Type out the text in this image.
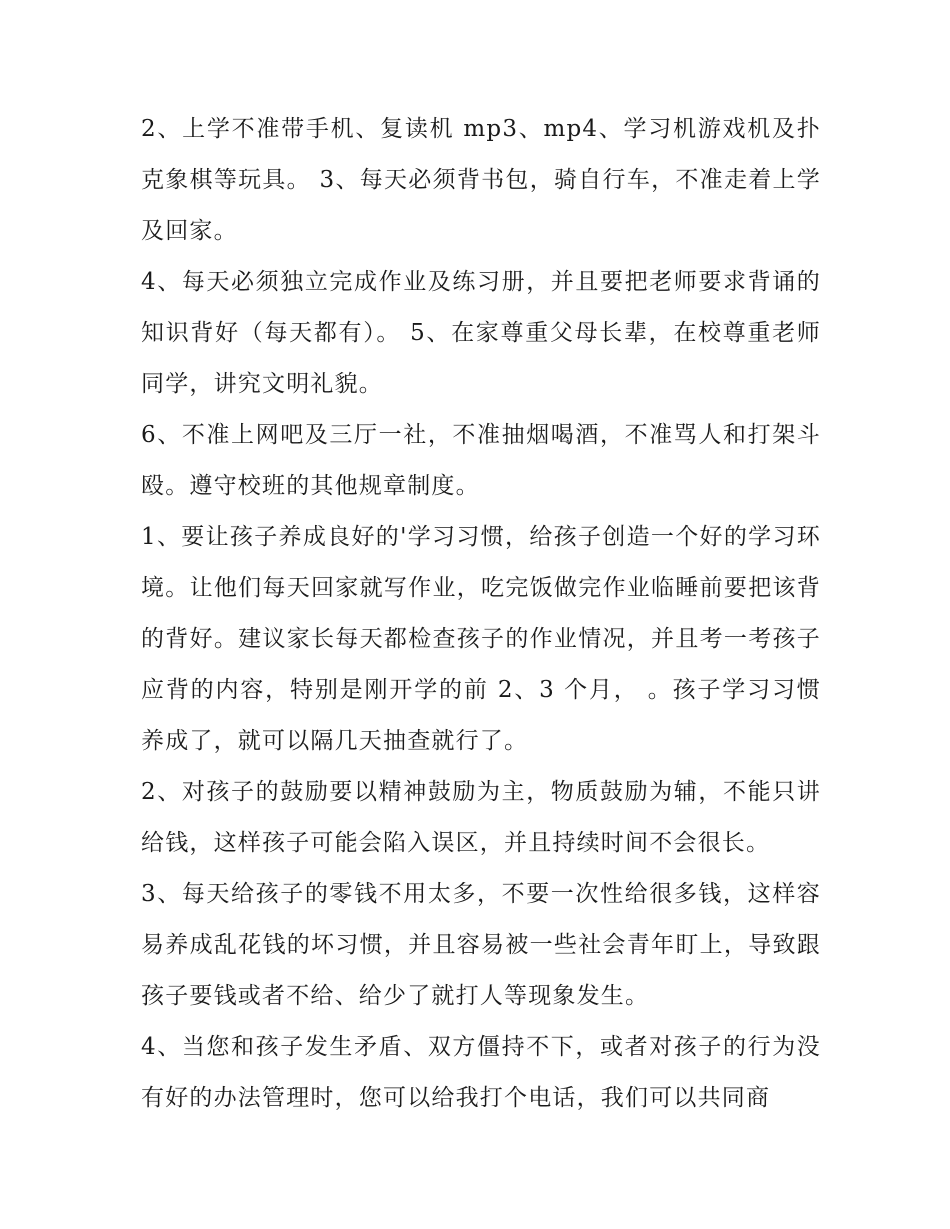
2、上学不准带手机、复读机 mp3、mp4、学习机游戏机及扑克象棋等玩具。 3、每天必须背书包，骑自行车，不准走着上学及回家。

4、每天必须独立完成作业及练习册，并且要把老师要求背诵的知识背好（每天都有）。 5、在家尊重父母长辈，在校尊重老师同学，讲究文明礼貌。

6、不准上网吧及三厅一社，不准抽烟喝酒，不准骂人和打架斗殴。遵守校班的其他规章制度。

1、要让孩子养成良好的'学习习惯，给孩子创造一个好的学习环境。让他们每天回家就写作业，吃完饭做完作业临睡前要把该背的背好。建议家长每天都检查孩子的作业情况，并且考一考孩子应背的内容，特别是刚开学的前 2、3 个月， 。孩子学习习惯养成了，就可以隔几天抽查就行了。

2、对孩子的鼓励要以精神鼓励为主，物质鼓励为辅，不能只讲给钱，这样孩子可能会陷入误区，并且持续时间不会很长。

3、每天给孩子的零钱不用太多，不要一次性给很多钱，这样容易养成乱花钱的坏习惯，并且容易被一些社会青年盯上，导致跟孩子要钱或者不给、给少了就打人等现象发生。

4、当您和孩子发生矛盾、双方僵持不下，或者对孩子的行为没有好的办法管理时，您可以给我打个电话，我们可以共同商
